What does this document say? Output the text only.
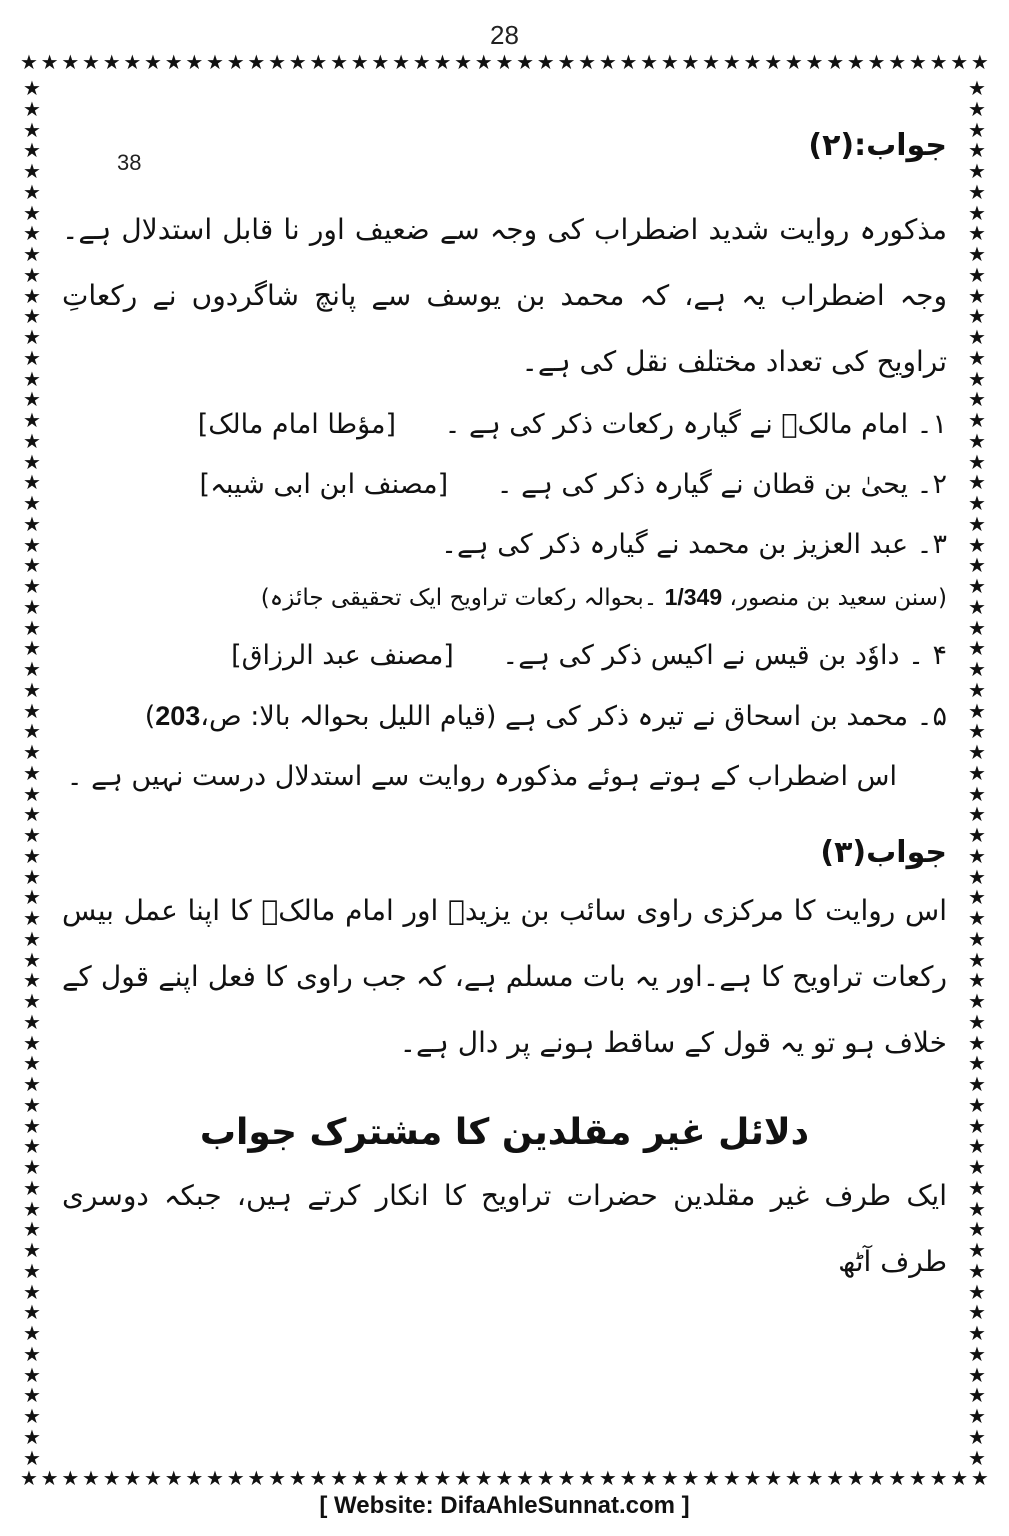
28
★ ★ ★ ★ ★ ★ ★ ★ ★ ★ ★ ★ ★ ★ ★ ★ ★ ★ ★ ★ ★ ★ ★ ★ ★ ★ ★ ★ ★ ★ ★ ★ ★ ★ ★ ★ ★ ★ ★ ★ ★ ★ ★ ★ ★ ★ ★
★ ★ ★ ★ ★ ★ ★ ★ ★ ★ ★ ★ ★ ★ ★ ★ ★ ★ ★ ★ ★ ★ ★ ★ ★ ★ ★ ★ ★ ★ ★ ★ ★ ★ ★ ★ ★ ★ ★ ★ ★ ★ ★ ★ ★ ★ ★
★
★
★
★
★
★
★
★
★
★
★
★
★
★
★
★
★
★
★
★
★
★
★
★
★
★
★
★
★
★
★
★
★
★
★
★
★
★
★
★
★
★
★
★
★
★
★
★
★
★
★
★
★
★
★
★
★
★
★
★
★
★
★
★
★
★
★
★
★
★
★
★
★
★
★
★
★
★
★
★
★
★
★
★
★
★
★
★
★
★
★
★
★
★
★
★
★
★
★
★
★
★
★
★
★
★
★
★
★
★
★
★
★
★
★
★
★
★
★
★
★
★
★
★
★
★
★
★
★
★
★
★
★
★
38	جواب:(۲)

مذکورہ روایت شدید اضطراب کی وجہ سے ضعیف اور نا قابل استدلال ہے۔وجہ اضطراب یہ ہے، کہ محمد بن یوسف سے پانچ شاگردوں نے رکعاتِ تراویح کی تعداد مختلف نقل کی ہے۔

۱۔ امام مالکؒ نے گیارہ رکعات ذکر کی ہے ۔ [مؤطا امام مالک]

۲۔ یحیٰ بن قطان نے گیارہ ذکر کی ہے ۔ [مصنف ابن ابی شیبہ]

۳۔ عبد العزیز بن محمد نے گیارہ ذکر کی ہے۔

(سنن سعید بن منصور، 1/349 ۔بحوالہ رکعات تراویح ایک تحقیقی جائزہ)

۴ ۔ داوٗد بن قیس نے اکیس ذکر کی ہے۔ [مصنف عبد الرزاق]

۵۔ محمد بن اسحاق نے تیرہ ذکر کی ہے (قیام اللیل بحوالہ بالا: ص،203)

اس اضطراب کے ہوتے ہوئے مذکورہ روایت سے استدلال درست نہیں ہے ۔

جواب(۳)

اس روایت کا مرکزی راوی سائب بن یزیدؓ اور امام مالکؒ کا اپنا عمل بیس رکعات تراویح کا ہے۔اور یہ بات مسلم ہے، کہ جب راوی کا فعل اپنے قول کے خلاف ہو تو یہ قول کے ساقط ہونے پر دال ہے۔

دلائل غیر مقلدین کا مشترک جواب

ایک طرف غیر مقلدین حضرات تراویح کا انکار کرتے ہیں، جبکہ دوسری طرف آٹھ

[ Website: DifaAhleSunnat.com ]
